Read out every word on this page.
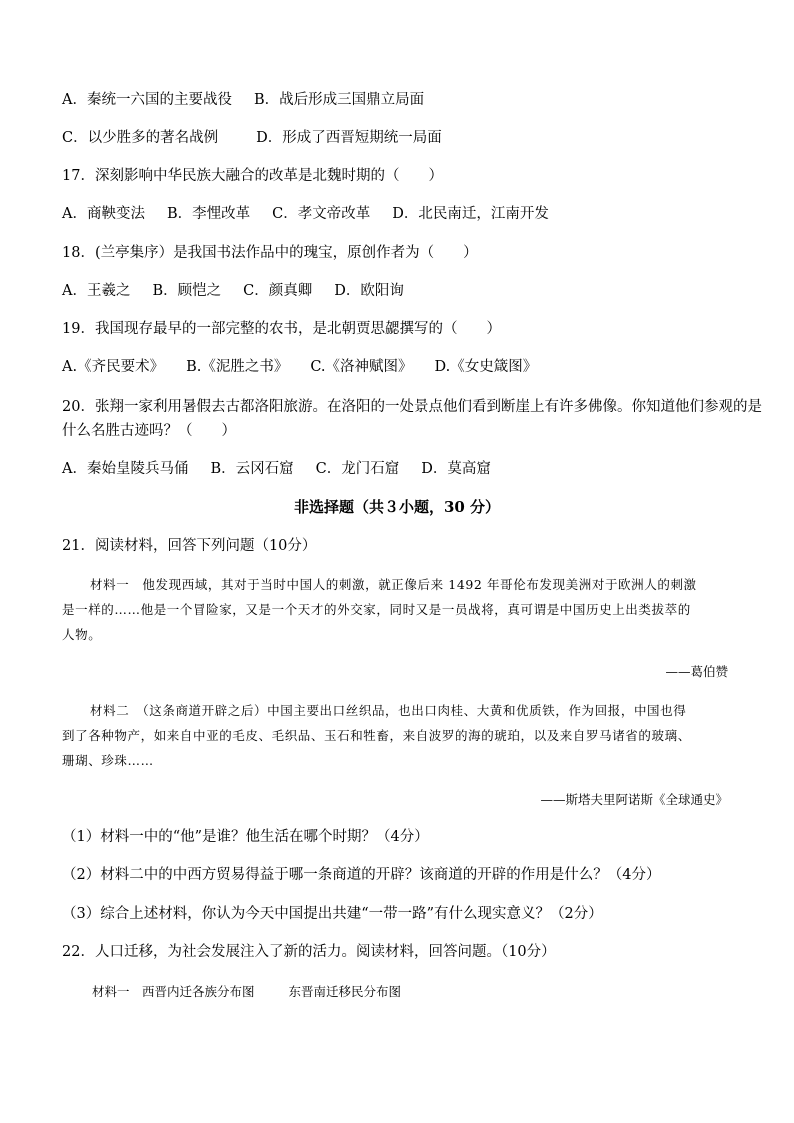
A．秦统一六国的主要战役 B．战后形成三国鼎立局面
C．以少胜多的著名战例	D．形成了西晋短期统一局面
17．深刻影响中华民族大融合的改革是北魏时期的（　　）
A．商鞅变法 B．李悝改革 C．孝文帝改革 D．北民南迁，江南开发
18．(兰亭集序）是我国书法作品中的瑰宝，原创作者为（　　）
A．王羲之 B．顾恺之 C．颜真卿 D．欧阳询
19．我国现存最早的一部完整的农书，是北朝贾思勰撰写的（　　）
A.《齐民要术》 B.《泥胜之书》 C.《洛神赋图》 D.《女史箴图》
20．张翔一家利用暑假去古都洛阳旅游。在洛阳的一处景点他们看到断崖上有许多佛像。你知道他们参观的是
什么名胜古迹吗？（　　）
A．秦始皇陵兵马俑 B．云冈石窟 C．龙门石窟 D．莫高窟
非选择题（共３小题，30 分）
21．阅读材料，回答下列问题（10分）
材料一　他发现西域，其对于当时中国人的刺激，就正像后来 1492 年哥伦布发现美洲对于欧洲人的刺激
是一样的……他是一个冒险家，又是一个天才的外交家，同时又是一员战将，真可谓是中国历史上出类拔萃的
人物。
——葛伯赞
材料二　（这条商道开辟之后）中国主要出口丝织品，也出口肉桂、大黄和优质铁，作为回报，中国也得
到了各种物产，如来自中亚的毛皮、毛织品、玉石和牲畜，来自波罗的海的琥珀，以及来自罗马诸省的玻璃、
珊瑚、珍珠……
——斯塔夫里阿诺斯《全球通史》
（1）材料一中的“他”是谁？他生活在哪个时期？（4分）
（2）材料二中的中西方贸易得益于哪一条商道的开辟？该商道的开辟的作用是什么？（4分）
（3）综合上述材料，你认为今天中国提出共建“一带一路”有什么现实意义？（2分）
22．人口迁移，为社会发展注入了新的活力。阅读材料，回答问题。（10分）
材料一　西晋内迁各族分布图	东晋南迁移民分布图
